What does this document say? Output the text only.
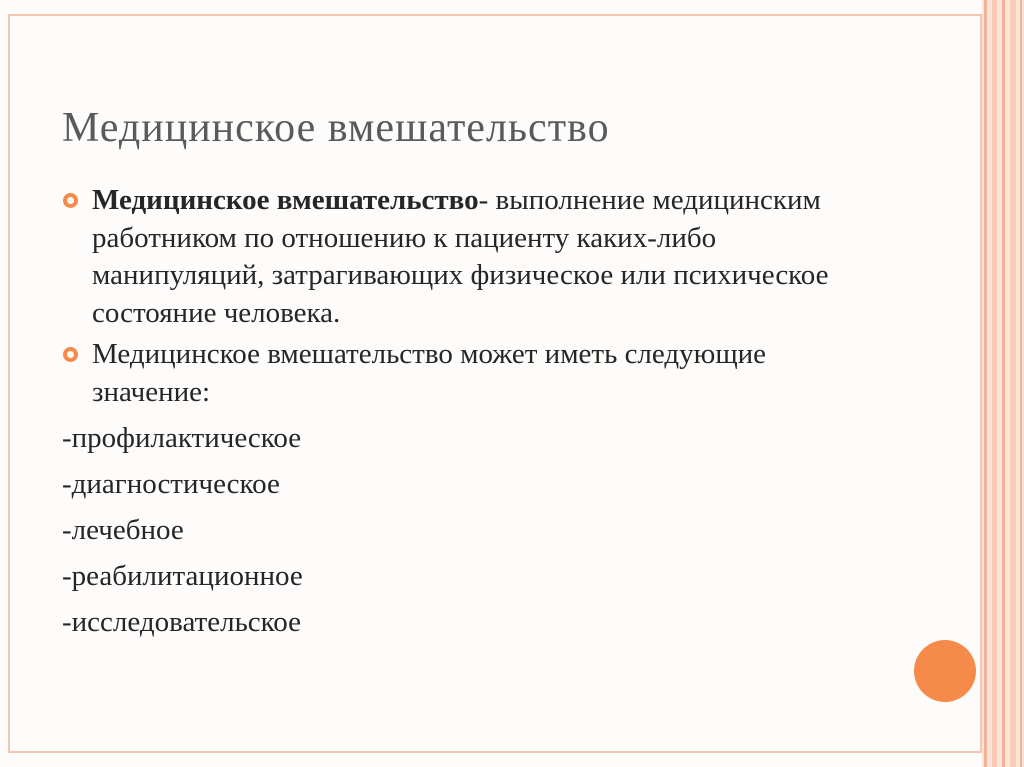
Медицинское вмешательство
Медицинское вмешательство- выполнение медицинским работником по отношению к пациенту каких-либо манипуляций, затрагивающих физическое или психическое состояние человека.
Медицинское вмешательство может иметь следующие значение:
-профилактическое
-диагностическое
-лечебное
-реабилитационное
-исследовательское
